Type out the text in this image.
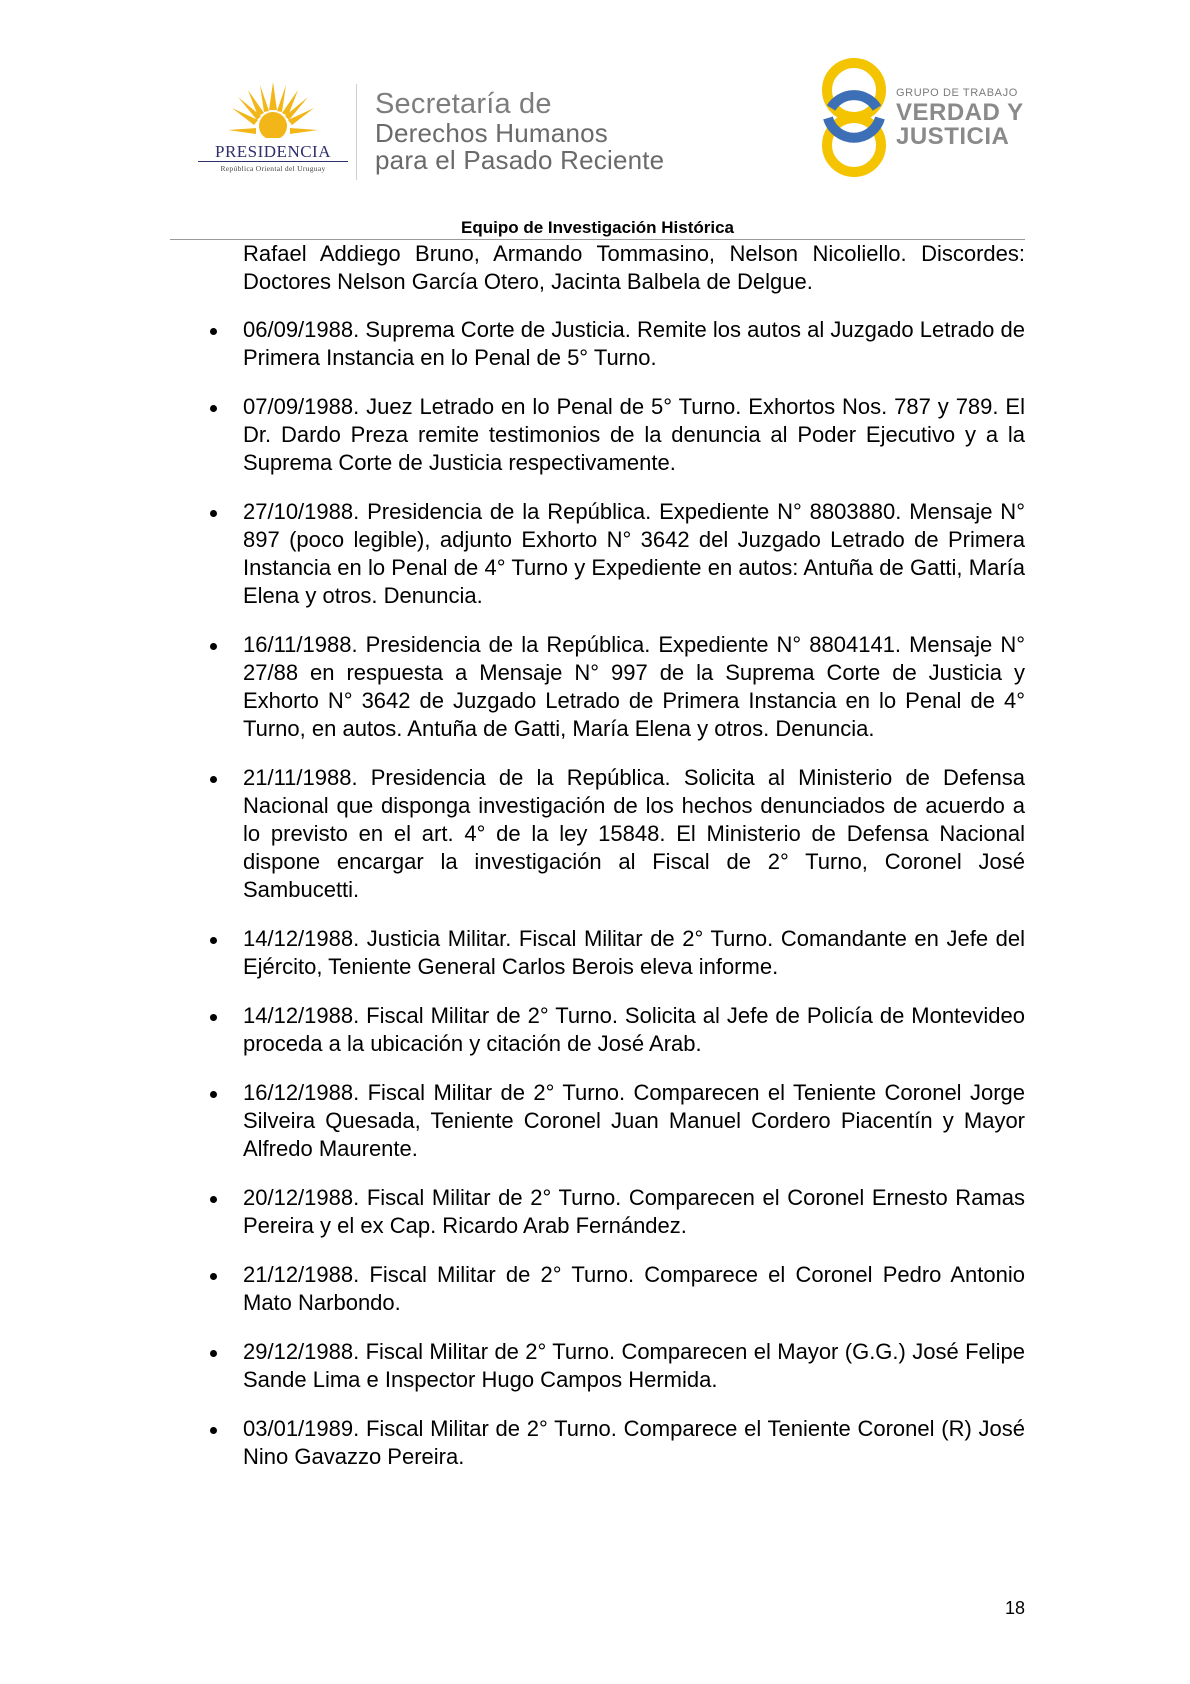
PRESIDENCIA
República Oriental del Uruguay
Secretaría de
Derechos Humanos
para el Pasado Reciente
GRUPO DE TRABAJO
VERDAD Y
JUSTICIA
Equipo de Investigación Histórica

Rafael Addiego Bruno, Armando Tommasino, Nelson Nicoliello. Discordes: Doctores Nelson García Otero, Jacinta Balbela de Delgue.

06/09/1988. Suprema Corte de Justicia. Remite los autos al Juzgado Letrado de Primera Instancia en lo Penal de 5° Turno.
07/09/1988. Juez Letrado en lo Penal de 5° Turno. Exhortos Nos. 787 y 789. El Dr. Dardo Preza remite testimonios de la denuncia al Poder Ejecutivo y a la Suprema Corte de Justicia respectivamente.
27/10/1988. Presidencia de la República. Expediente N° 8803880. Mensaje N° 897 (poco legible), adjunto Exhorto N° 3642 del Juzgado Letrado de Primera Instancia en lo Penal de 4° Turno y Expediente en autos: Antuña de Gatti, María Elena y otros. Denuncia.
16/11/1988. Presidencia de la República. Expediente N° 8804141. Mensaje N° 27/88 en respuesta a Mensaje N° 997 de la Suprema Corte de Justicia y Exhorto N° 3642 de Juzgado Letrado de Primera Instancia en lo Penal de 4° Turno, en autos. Antuña de Gatti, María Elena y otros. Denuncia.
21/11/1988. Presidencia de la República. Solicita al Ministerio de Defensa Nacional que disponga investigación de los hechos denunciados de acuerdo a lo previsto en el art. 4° de la ley 15848. El Ministerio de Defensa Nacional dispone encargar la investigación al Fiscal de 2° Turno, Coronel José Sambucetti.
14/12/1988. Justicia Militar. Fiscal Militar de 2° Turno. Comandante en Jefe del Ejército, Teniente General Carlos Berois eleva informe.
14/12/1988. Fiscal Militar de 2° Turno. Solicita al Jefe de Policía de Montevideo proceda a la ubicación y citación de José Arab.
16/12/1988. Fiscal Militar de 2° Turno. Comparecen el Teniente Coronel Jorge Silveira Quesada, Teniente Coronel Juan Manuel Cordero Piacentín y Mayor Alfredo Maurente.
20/12/1988. Fiscal Militar de 2° Turno. Comparecen el Coronel Ernesto Ramas Pereira y el ex Cap. Ricardo Arab Fernández.
21/12/1988. Fiscal Militar de 2° Turno. Comparece el Coronel Pedro Antonio Mato Narbondo.
29/12/1988. Fiscal Militar de 2° Turno. Comparecen el Mayor (G.G.) José Felipe Sande Lima e Inspector Hugo Campos Hermida.
03/01/1989. Fiscal Militar de 2° Turno. Comparece el Teniente Coronel (R) José Nino Gavazzo Pereira.
18
